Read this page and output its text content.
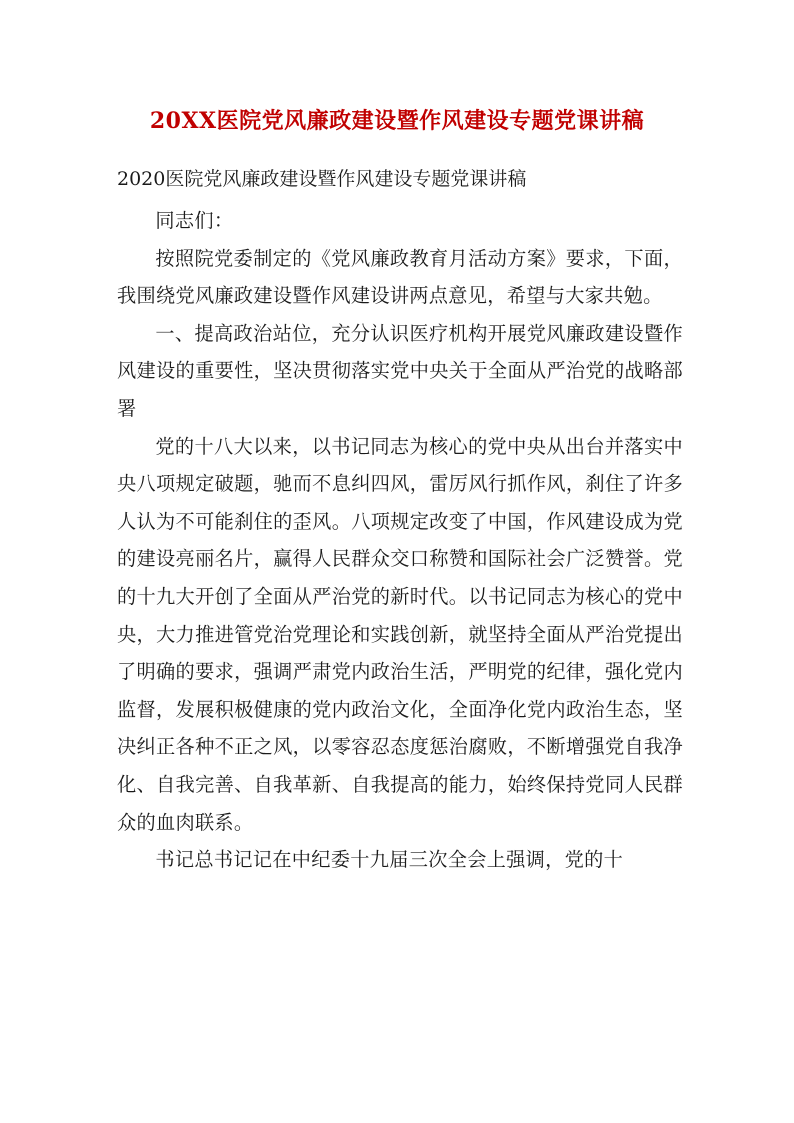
20XX医院党风廉政建设暨作风建设专题党课讲稿
2020医院党风廉政建设暨作风建设专题党课讲稿

同志们：

按照院党委制定的《党风廉政教育月活动方案》要求，下面，我围绕党风廉政建设暨作风建设讲两点意见，希望与大家共勉。

一、提高政治站位，充分认识医疗机构开展党风廉政建设暨作风建设的重要性，坚决贯彻落实党中央关于全面从严治党的战略部署

党的十八大以来，以书记同志为核心的党中央从出台并落实中央八项规定破题，驰而不息纠四风，雷厉风行抓作风，刹住了许多人认为不可能刹住的歪风。八项规定改变了中国，作风建设成为党的建设亮丽名片，赢得人民群众交口称赞和国际社会广泛赞誉。党的十九大开创了全面从严治党的新时代。以书记同志为核心的党中央，大力推进管党治党理论和实践创新，就坚持全面从严治党提出了明确的要求，强调严肃党内政治生活，严明党的纪律，强化党内监督，发展积极健康的党内政治文化，全面净化党内政治生态，坚决纠正各种不正之风，以零容忍态度惩治腐败，不断增强党自我净化、自我完善、自我革新、自我提高的能力，始终保持党同人民群众的血肉联系。

书记总书记记在中纪委十九届三次全会上强调，党的十
